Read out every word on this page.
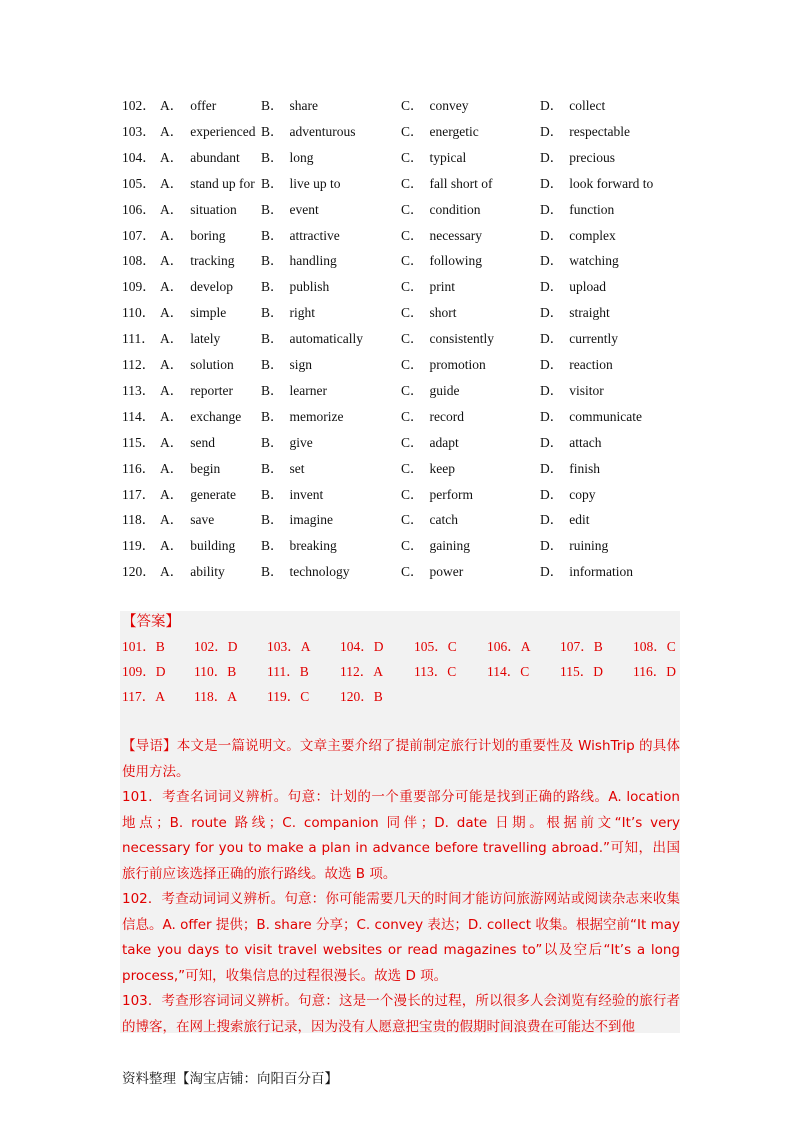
102． A． offer	B． share	C． convey	D． collect
103． A． experienced B． adventurous	C． energetic	D． respectable
104． A． abundant B． long	C． typical	D． precious
105． A． stand up for B． live up to	C． fall short of	D． look forward to
106． A． situation B． event	C． condition	D． function
107． A． boring	B． attractive	C． necessary	D． complex
108． A． tracking B． handling	C． following	D． watching
109． A． develop B． publish	C． print	D． upload
110． A． simple	B． right	C． short	D． straight
111． A． lately	B． automatically	C． consistently	D． currently
112． A． solution B． sign	C． promotion	D． reaction
113． A． reporter B． learner	C． guide	D． visitor
114． A． exchange B． memorize	C． record	D． communicate
115． A． send	B． give	C． adapt	D． attach
116． A． begin	B． set	C． keep	D． finish
117． A． generate B． invent	C． perform	D． copy
118． A． save	B． imagine	C． catch	D． edit
119． A． building B． breaking	C． gaining	D． ruining
120． A． ability	B． technology	C． power	D． information
【答案】
101．B 102．D 103．A 104．D 105．C 106．A 107．B 108．C
109．D 110．B 111．B 112．A 113．C 114．C 115．D 116．D
117．A 118．A 119．C 120．B
【导语】本文是一篇说明文。文章主要介绍了提前制定旅行计划的重要性及 WishTrip 的具体使用方法。
101．考查名词词义辨析。句意：计划的一个重要部分可能是找到正确的路线。A. location 地点；B. route 路线；C. companion 同伴；D. date 日期。根据前文“It’s very necessary for you to make a plan in advance before travelling abroad.”可知，出国旅行前应该选择正确的旅行路线。故选 B 项。
102．考查动词词义辨析。句意：你可能需要几天的时间才能访问旅游网站或阅读杂志来收集信息。A. offer 提供；B. share 分享；C. convey 表达；D. collect 收集。根据空前“It may take you days to visit travel websites or read magazines to”以及空后“It’s a long process,”可知，收集信息的过程很漫长。故选 D 项。
103．考查形容词词义辨析。句意：这是一个漫长的过程，所以很多人会浏览有经验的旅行者的博客，在网上搜索旅行记录，因为没有人愿意把宝贵的假期时间浪费在可能达不到他
资料整理【淘宝店铺：向阳百分百】
